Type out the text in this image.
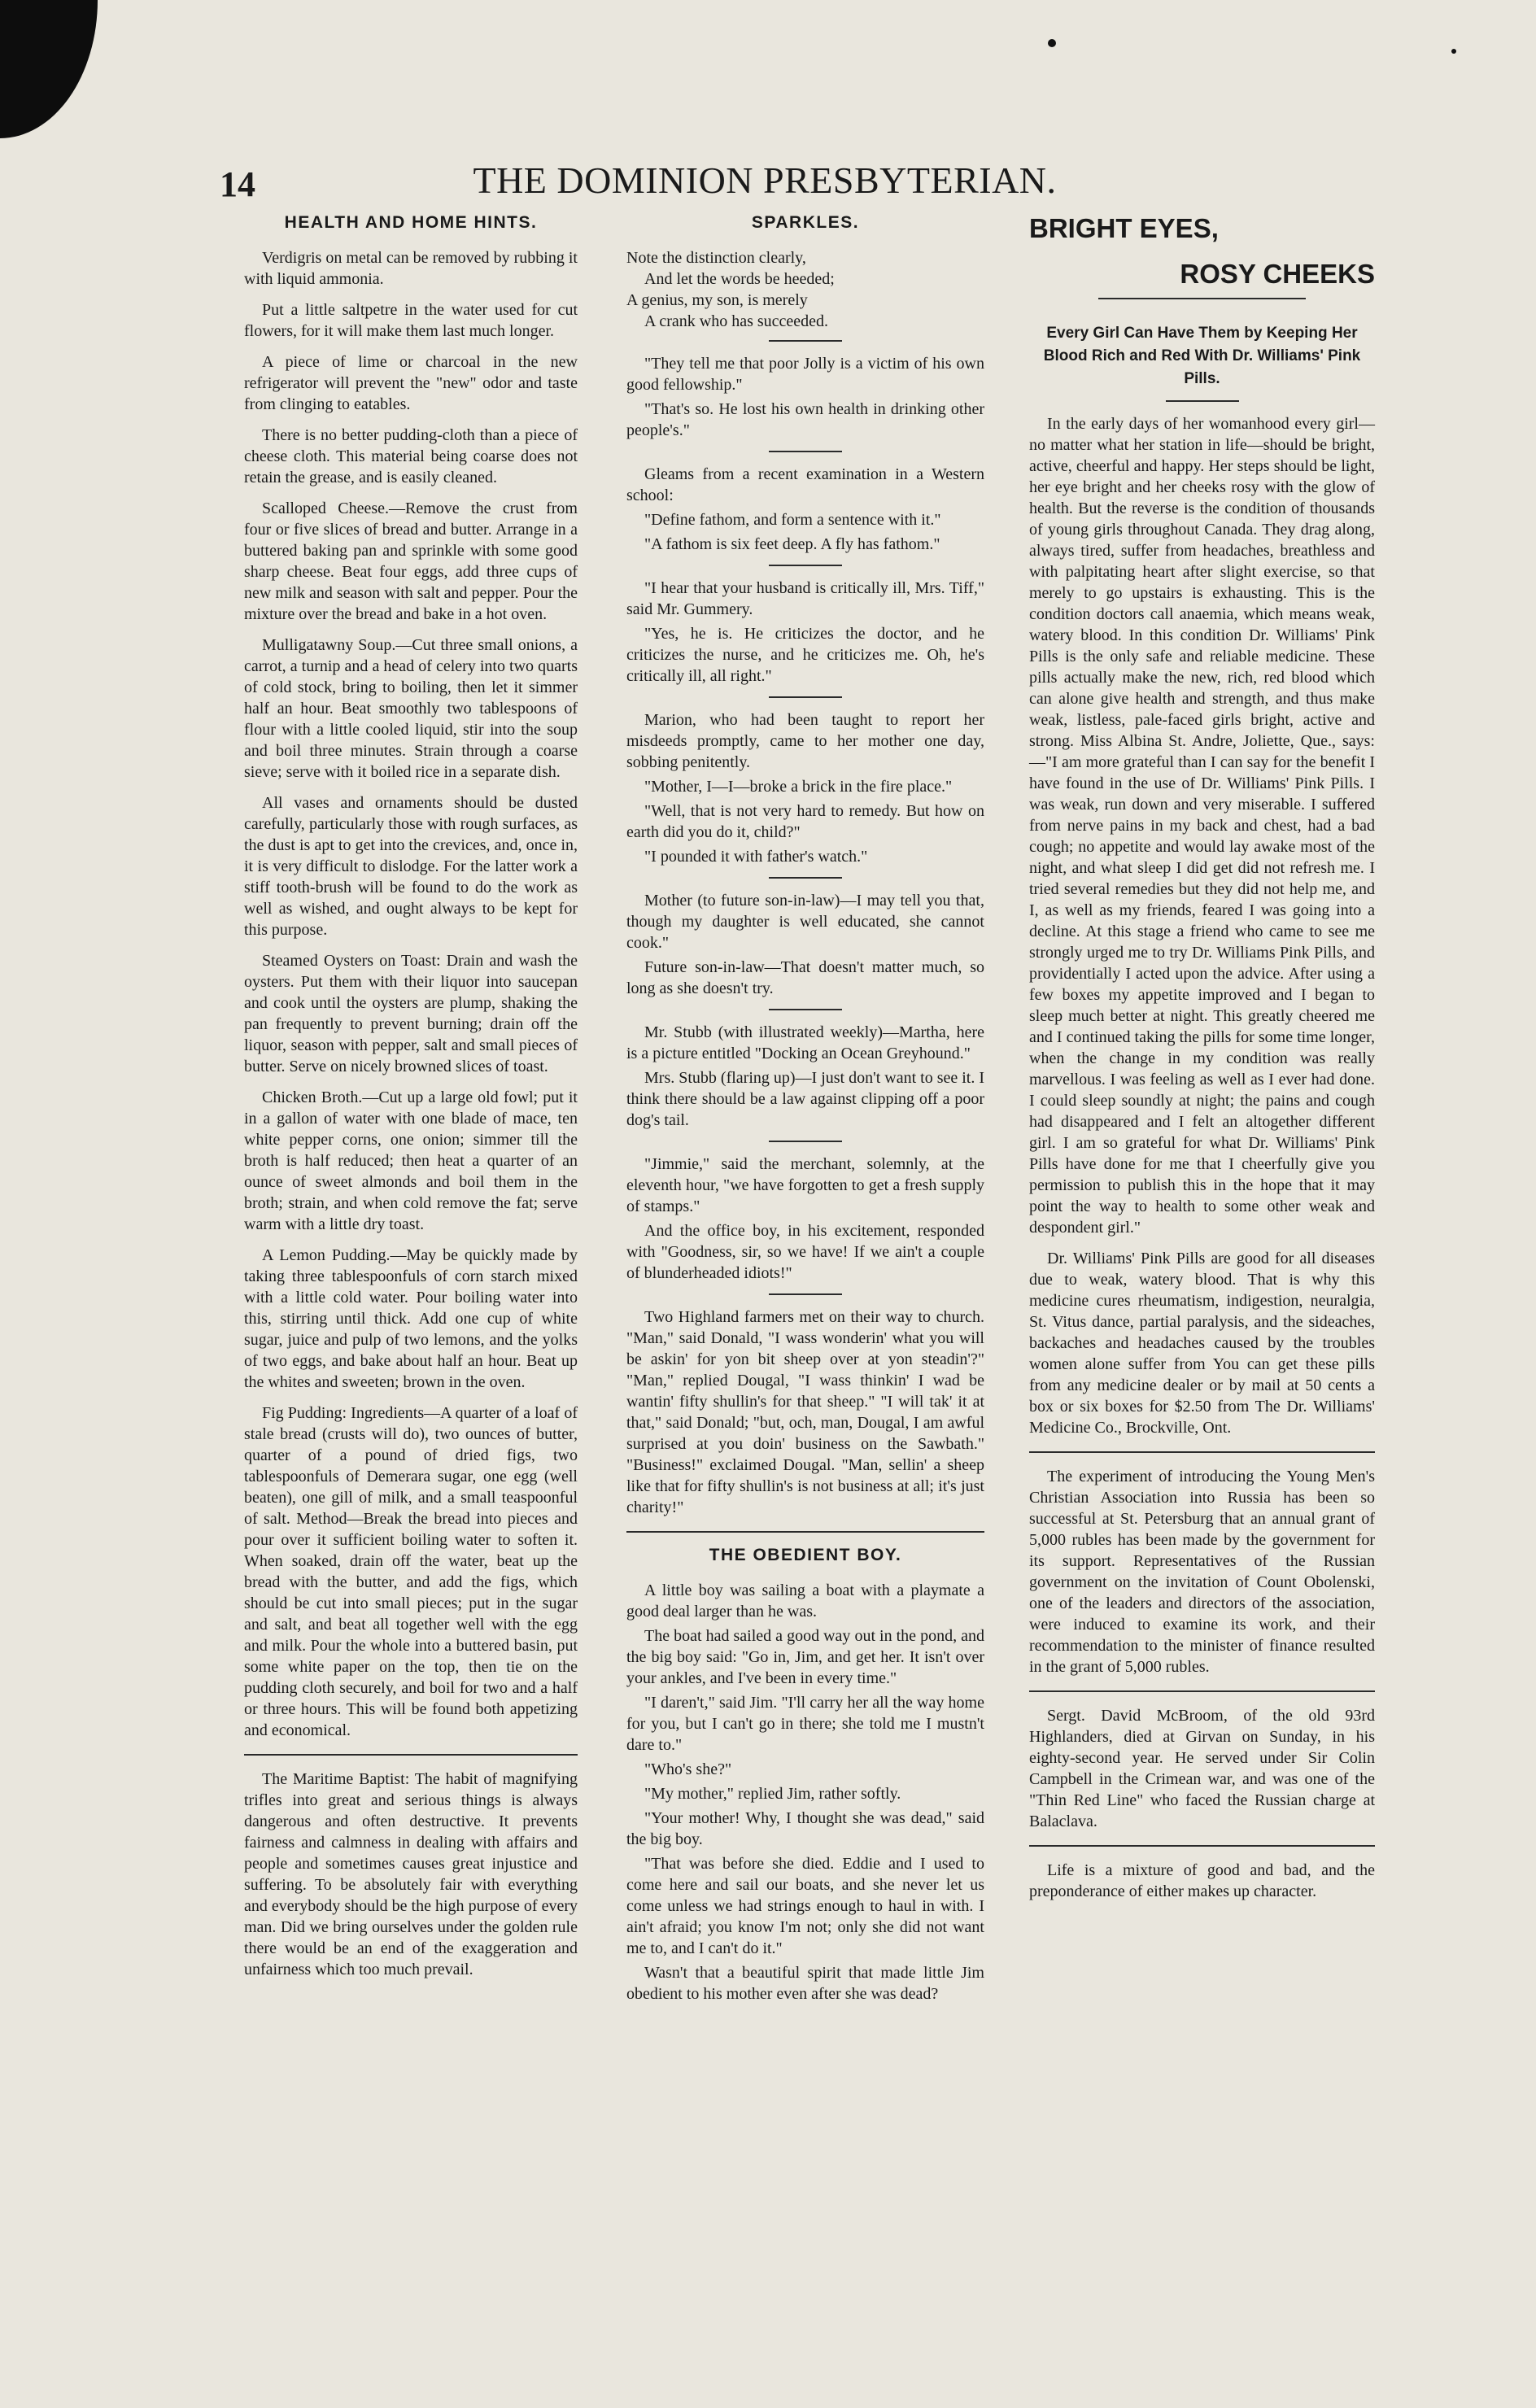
14	THE DOMINION PRESBYTERIAN.
HEALTH AND HOME HINTS.

Verdigris on metal can be removed by rubbing it with liquid ammonia.

Put a little saltpetre in the water used for cut flowers, for it will make them last much longer.

A piece of lime or charcoal in the new refrigerator will prevent the "new" odor and taste from clinging to eatables.

There is no better pudding-cloth than a piece of cheese cloth. This material being coarse does not retain the grease, and is easily cleaned.

Scalloped Cheese.—Remove the crust from four or five slices of bread and butter. Arrange in a buttered baking pan and sprinkle with some good sharp cheese. Beat four eggs, add three cups of new milk and season with salt and pepper. Pour the mixture over the bread and bake in a hot oven.

Mulligatawny Soup.—Cut three small onions, a carrot, a turnip and a head of celery into two quarts of cold stock, bring to boiling, then let it simmer half an hour. Beat smoothly two tablespoons of flour with a little cooled liquid, stir into the soup and boil three minutes. Strain through a coarse sieve; serve with it boiled rice in a separate dish.

All vases and ornaments should be dusted carefully, particularly those with rough surfaces, as the dust is apt to get into the crevices, and, once in, it is very difficult to dislodge. For the latter work a stiff tooth-brush will be found to do the work as well as wished, and ought always to be kept for this purpose.

Steamed Oysters on Toast: Drain and wash the oysters. Put them with their liquor into saucepan and cook until the oysters are plump, shaking the pan frequently to prevent burning; drain off the liquor, season with pepper, salt and small pieces of butter. Serve on nicely browned slices of toast.

Chicken Broth.—Cut up a large old fowl; put it in a gallon of water with one blade of mace, ten white pepper corns, one onion; simmer till the broth is half reduced; then heat a quarter of an ounce of sweet almonds and boil them in the broth; strain, and when cold remove the fat; serve warm with a little dry toast.

A Lemon Pudding.—May be quickly made by taking three tablespoonfuls of corn starch mixed with a little cold water. Pour boiling water into this, stirring until thick. Add one cup of white sugar, juice and pulp of two lemons, and the yolks of two eggs, and bake about half an hour. Beat up the whites and sweeten; brown in the oven.

Fig Pudding: Ingredients—A quarter of a loaf of stale bread (crusts will do), two ounces of butter, quarter of a pound of dried figs, two tablespoonfuls of Demerara sugar, one egg (well beaten), one gill of milk, and a small teaspoonful of salt. Method—Break the bread into pieces and pour over it sufficient boiling water to soften it. When soaked, drain off the water, beat up the bread with the butter, and add the figs, which should be cut into small pieces; put in the sugar and salt, and beat all together well with the egg and milk. Pour the whole into a buttered basin, put some white paper on the top, then tie on the pudding cloth securely, and boil for two and a half or three hours. This will be found both appetizing and economical.

The Maritime Baptist: The habit of magnifying trifles into great and serious things is always dangerous and often destructive. It prevents fairness and calmness in dealing with affairs and people and sometimes causes great injustice and suffering. To be absolutely fair with everything and everybody should be the high purpose of every man. Did we bring ourselves under the golden rule there would be an end of the exaggeration and unfairness which too much prevail.

SPARKLES.

Note the distinction clearly,

And let the words be heeded;

A genius, my son, is merely

A crank who has succeeded.

"They tell me that poor Jolly is a victim of his own good fellowship."

"That's so. He lost his own health in drinking other people's."

Gleams from a recent examination in a Western school:

"Define fathom, and form a sentence with it."

"A fathom is six feet deep. A fly has fathom."

"I hear that your husband is critically ill, Mrs. Tiff," said Mr. Gummery.

"Yes, he is. He criticizes the doctor, and he criticizes the nurse, and he criticizes me. Oh, he's critically ill, all right."

Marion, who had been taught to report her misdeeds promptly, came to her mother one day, sobbing penitently.

"Mother, I—I—broke a brick in the fire place."

"Well, that is not very hard to remedy. But how on earth did you do it, child?"

"I pounded it with father's watch."

Mother (to future son-in-law)—I may tell you that, though my daughter is well educated, she cannot cook."

Future son-in-law—That doesn't matter much, so long as she doesn't try.

Mr. Stubb (with illustrated weekly)—Martha, here is a picture entitled "Docking an Ocean Greyhound."

Mrs. Stubb (flaring up)—I just don't want to see it. I think there should be a law against clipping off a poor dog's tail.

"Jimmie," said the merchant, solemnly, at the eleventh hour, "we have forgotten to get a fresh supply of stamps."

And the office boy, in his excitement, responded with "Goodness, sir, so we have! If we ain't a couple of blunderheaded idiots!"

Two Highland farmers met on their way to church. "Man," said Donald, "I wass wonderin' what you will be askin' for yon bit sheep over at yon steadin'?" "Man," replied Dougal, "I wass thinkin' I wad be wantin' fifty shullin's for that sheep." "I will tak' it at that," said Donald; "but, och, man, Dougal, I am awful surprised at you doin' business on the Sawbath." "Business!" exclaimed Dougal. "Man, sellin' a sheep like that for fifty shullin's is not business at all; it's just charity!"

THE OBEDIENT BOY.

A little boy was sailing a boat with a playmate a good deal larger than he was.

The boat had sailed a good way out in the pond, and the big boy said: "Go in, Jim, and get her. It isn't over your ankles, and I've been in every time."

"I daren't," said Jim. "I'll carry her all the way home for you, but I can't go in there; she told me I mustn't dare to."

"Who's she?"

"My mother," replied Jim, rather softly.

"Your mother! Why, I thought she was dead," said the big boy.

"That was before she died. Eddie and I used to come here and sail our boats, and she never let us come unless we had strings enough to haul in with. I ain't afraid; you know I'm not; only she did not want me to, and I can't do it."

Wasn't that a beautiful spirit that made little Jim obedient to his mother even after she was dead?

BRIGHT EYES,
ROSY CHEEKS
Every Girl Can Have Them by Keeping Her Blood Rich and Red With Dr. Williams' Pink Pills.

In the early days of her womanhood every girl—no matter what her station in life—should be bright, active, cheerful and happy. Her steps should be light, her eye bright and her cheeks rosy with the glow of health. But the reverse is the condition of thousands of young girls throughout Canada. They drag along, always tired, suffer from headaches, breathless and with palpitating heart after slight exercise, so that merely to go upstairs is exhausting. This is the condition doctors call anaemia, which means weak, watery blood. In this condition Dr. Williams' Pink Pills is the only safe and reliable medicine. These pills actually make the new, rich, red blood which can alone give health and strength, and thus make weak, listless, pale-faced girls bright, active and strong. Miss Albina St. Andre, Joliette, Que., says:—"I am more grateful than I can say for the benefit I have found in the use of Dr. Williams' Pink Pills. I was weak, run down and very miserable. I suffered from nerve pains in my back and chest, had a bad cough; no appetite and would lay awake most of the night, and what sleep I did get did not refresh me. I tried several remedies but they did not help me, and I, as well as my friends, feared I was going into a decline. At this stage a friend who came to see me strongly urged me to try Dr. Williams Pink Pills, and providentially I acted upon the advice. After using a few boxes my appetite improved and I began to sleep much better at night. This greatly cheered me and I continued taking the pills for some time longer, when the change in my condition was really marvellous. I was feeling as well as I ever had done. I could sleep soundly at night; the pains and cough had disappeared and I felt an altogether different girl. I am so grateful for what Dr. Williams' Pink Pills have done for me that I cheerfully give you permission to publish this in the hope that it may point the way to health to some other weak and despondent girl."

Dr. Williams' Pink Pills are good for all diseases due to weak, watery blood. That is why this medicine cures rheumatism, indigestion, neuralgia, St. Vitus dance, partial paralysis, and the sideaches, backaches and headaches caused by the troubles women alone suffer from You can get these pills from any medicine dealer or by mail at 50 cents a box or six boxes for $2.50 from The Dr. Williams' Medicine Co., Brockville, Ont.

The experiment of introducing the Young Men's Christian Association into Russia has been so successful at St. Petersburg that an annual grant of 5,000 rubles has been made by the government for its support. Representatives of the Russian government on the invitation of Count Obolenski, one of the leaders and directors of the association, were induced to examine its work, and their recommendation to the minister of finance resulted in the grant of 5,000 rubles.

Sergt. David McBroom, of the old 93rd Highlanders, died at Girvan on Sunday, in his eighty-second year. He served under Sir Colin Campbell in the Crimean war, and was one of the "Thin Red Line" who faced the Russian charge at Balaclava.

Life is a mixture of good and bad, and the preponderance of either makes up character.
